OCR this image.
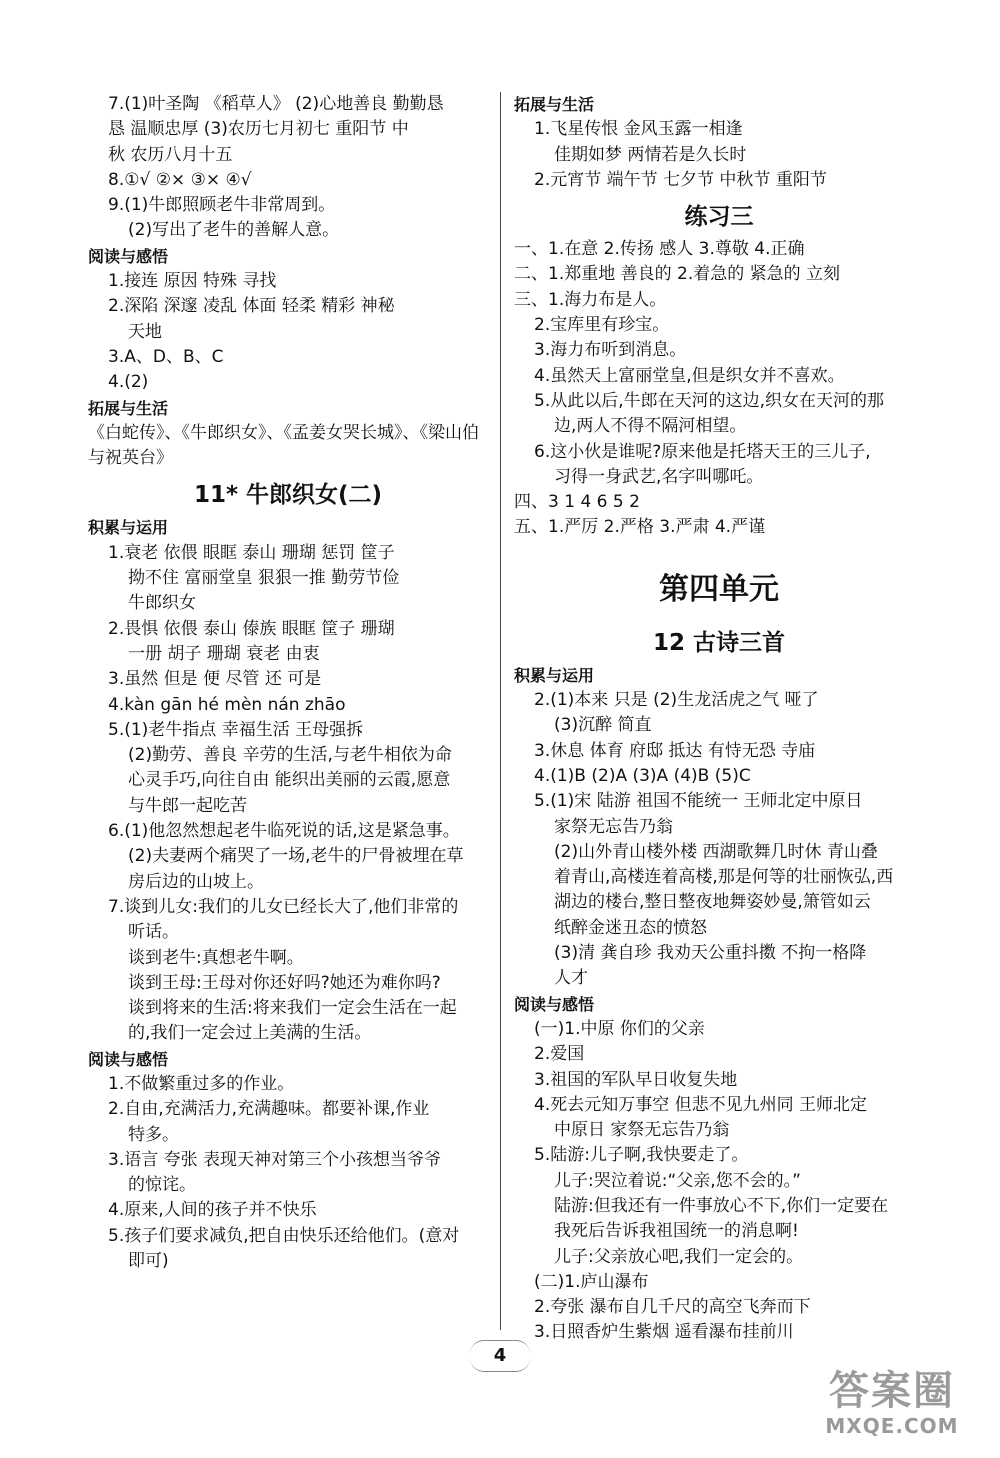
7.(1)叶圣陶 《稻草人》 (2)心地善良 勤勤恳
恳 温顺忠厚 (3)农历七月初七 重阳节 中
秋 农历八月十五
8.①√ ②× ③× ④√
9.(1)牛郎照顾老牛非常周到。
(2)写出了老牛的善解人意。
阅读与感悟
1.接连 原因 特殊 寻找
2.深陷 深邃 凌乱 体面 轻柔 精彩 神秘
天地
3.A、D、B、C
4.(2)
拓展与生活
《白蛇传》、《牛郎织女》、《孟姜女哭长城》、《梁山伯
与祝英台》
11* 牛郎织女(二)
积累与运用
1.衰老 依偎 眼眶 泰山 珊瑚 惩罚 筐子
拗不住 富丽堂皇 狠狠一推 勤劳节俭
牛郎织女
2.畏惧 依偎 泰山 傣族 眼眶 筐子 珊瑚
一册 胡子 珊瑚 衰老 由衷
3.虽然 但是 便 尽管 还 可是
4.kàn gān hé mèn nán zhāo
5.(1)老牛指点 幸福生活 王母强拆
(2)勤劳、善良 辛劳的生活,与老牛相依为命
心灵手巧,向往自由 能织出美丽的云霞,愿意
与牛郎一起吃苦
6.(1)他忽然想起老牛临死说的话,这是紧急事。
(2)夫妻两个痛哭了一场,老牛的尸骨被埋在草
房后边的山坡上。
7.谈到儿女:我们的儿女已经长大了,他们非常的
听话。
谈到老牛:真想老牛啊。
谈到王母:王母对你还好吗?她还为难你吗?
谈到将来的生活:将来我们一定会生活在一起
的,我们一定会过上美满的生活。
阅读与感悟
1.不做繁重过多的作业。
2.自由,充满活力,充满趣味。都要补课,作业
特多。
3.语言 夸张 表现天神对第三个小孩想当爷爷
的惊诧。
4.原来,人间的孩子并不快乐
5.孩子们要求减负,把自由快乐还给他们。(意对
即可)
拓展与生活
1.飞星传恨 金风玉露一相逢
佳期如梦 两情若是久长时
2.元宵节 端午节 七夕节 中秋节 重阳节
练习三
一、1.在意 2.传扬 感人 3.尊敬 4.正确
二、1.郑重地 善良的 2.着急的 紧急的 立刻
三、1.海力布是人。
2.宝库里有珍宝。
3.海力布听到消息。
4.虽然天上富丽堂皇,但是织女并不喜欢。
5.从此以后,牛郎在天河的这边,织女在天河的那
边,两人不得不隔河相望。
6.这小伙是谁呢?原来他是托塔天王的三儿子,
习得一身武艺,名字叫哪吒。
四、3 1 4 6 5 2
五、1.严厉 2.严格 3.严肃 4.严谨
第四单元
12 古诗三首
积累与运用
2.(1)本来 只是 (2)生龙活虎之气 哑了
(3)沉醉 简直
3.休息 体育 府邸 抵达 有恃无恐 寺庙
4.(1)B (2)A (3)A (4)B (5)C
5.(1)宋 陆游 祖国不能统一 王师北定中原日
家祭无忘告乃翁
(2)山外青山楼外楼 西湖歌舞几时休 青山叠
着青山,高楼连着高楼,那是何等的壮丽恢弘,西
湖边的楼台,整日整夜地舞姿妙曼,箫管如云
纸醉金迷丑态的愤怒
(3)清 龚自珍 我劝天公重抖擞 不拘一格降
人才
阅读与感悟
(一)1.中原 你们的父亲
2.爱国
3.祖国的军队早日收复失地
4.死去元知万事空 但悲不见九州同 王师北定
中原日 家祭无忘告乃翁
5.陆游:儿子啊,我快要走了。
儿子:哭泣着说:“父亲,您不会的。”
陆游:但我还有一件事放心不下,你们一定要在
我死后告诉我祖国统一的消息啊!
儿子:父亲放心吧,我们一定会的。
(二)1.庐山瀑布
2.夸张 瀑布自几千尺的高空飞奔而下
3.日照香炉生紫烟 遥看瀑布挂前川
4
答案圈
MXQE.COM
